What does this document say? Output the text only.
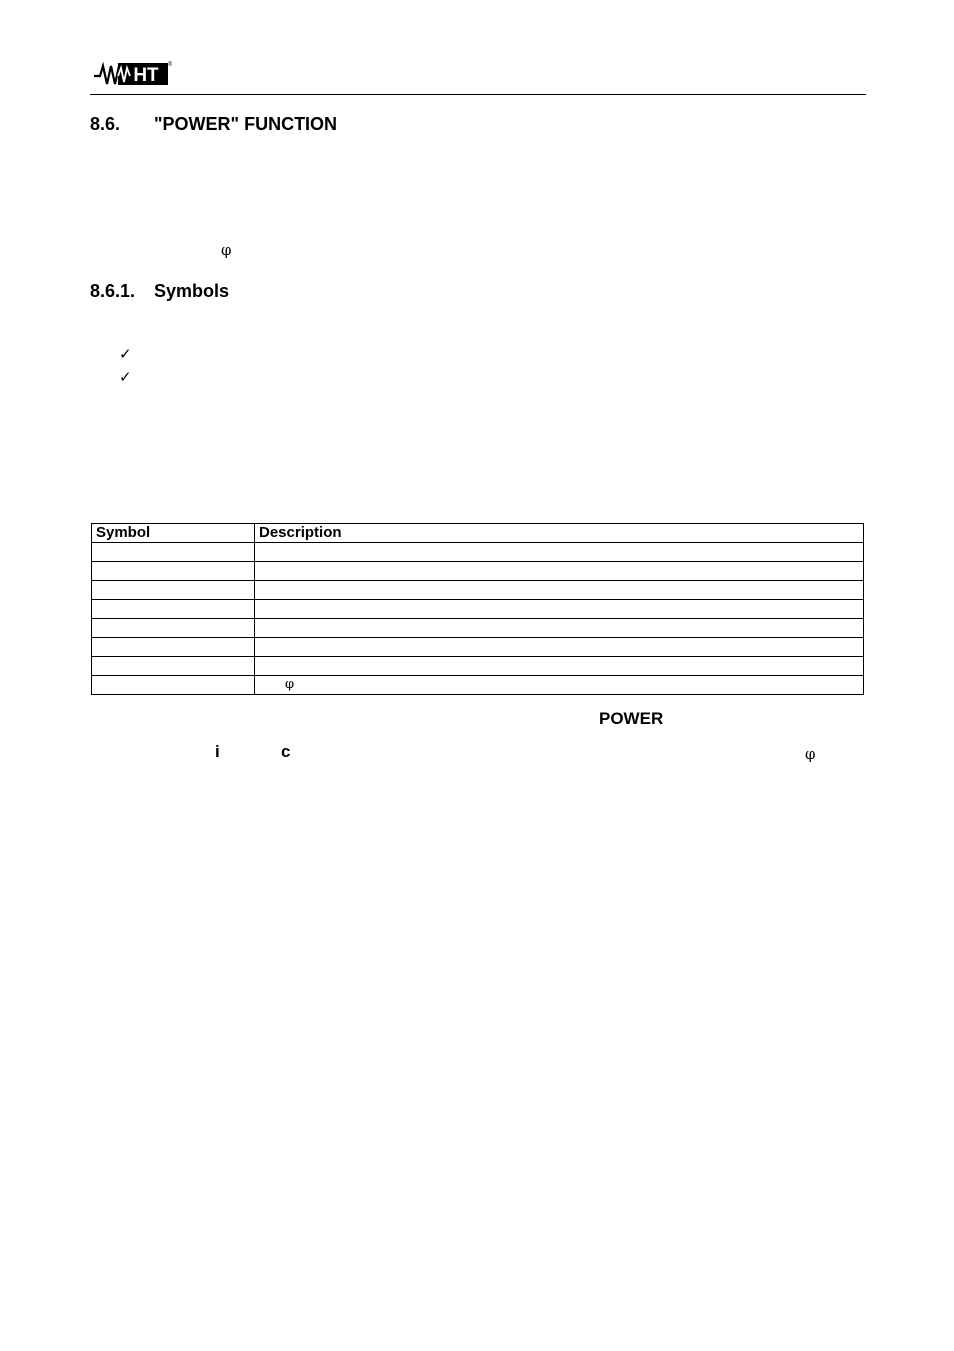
HT ®
8.6. "POWER" FUNCTION
φ
8.6.1. Symbols
✓
✓
Symbol	Description

	φ
POWER
i	c	φ
